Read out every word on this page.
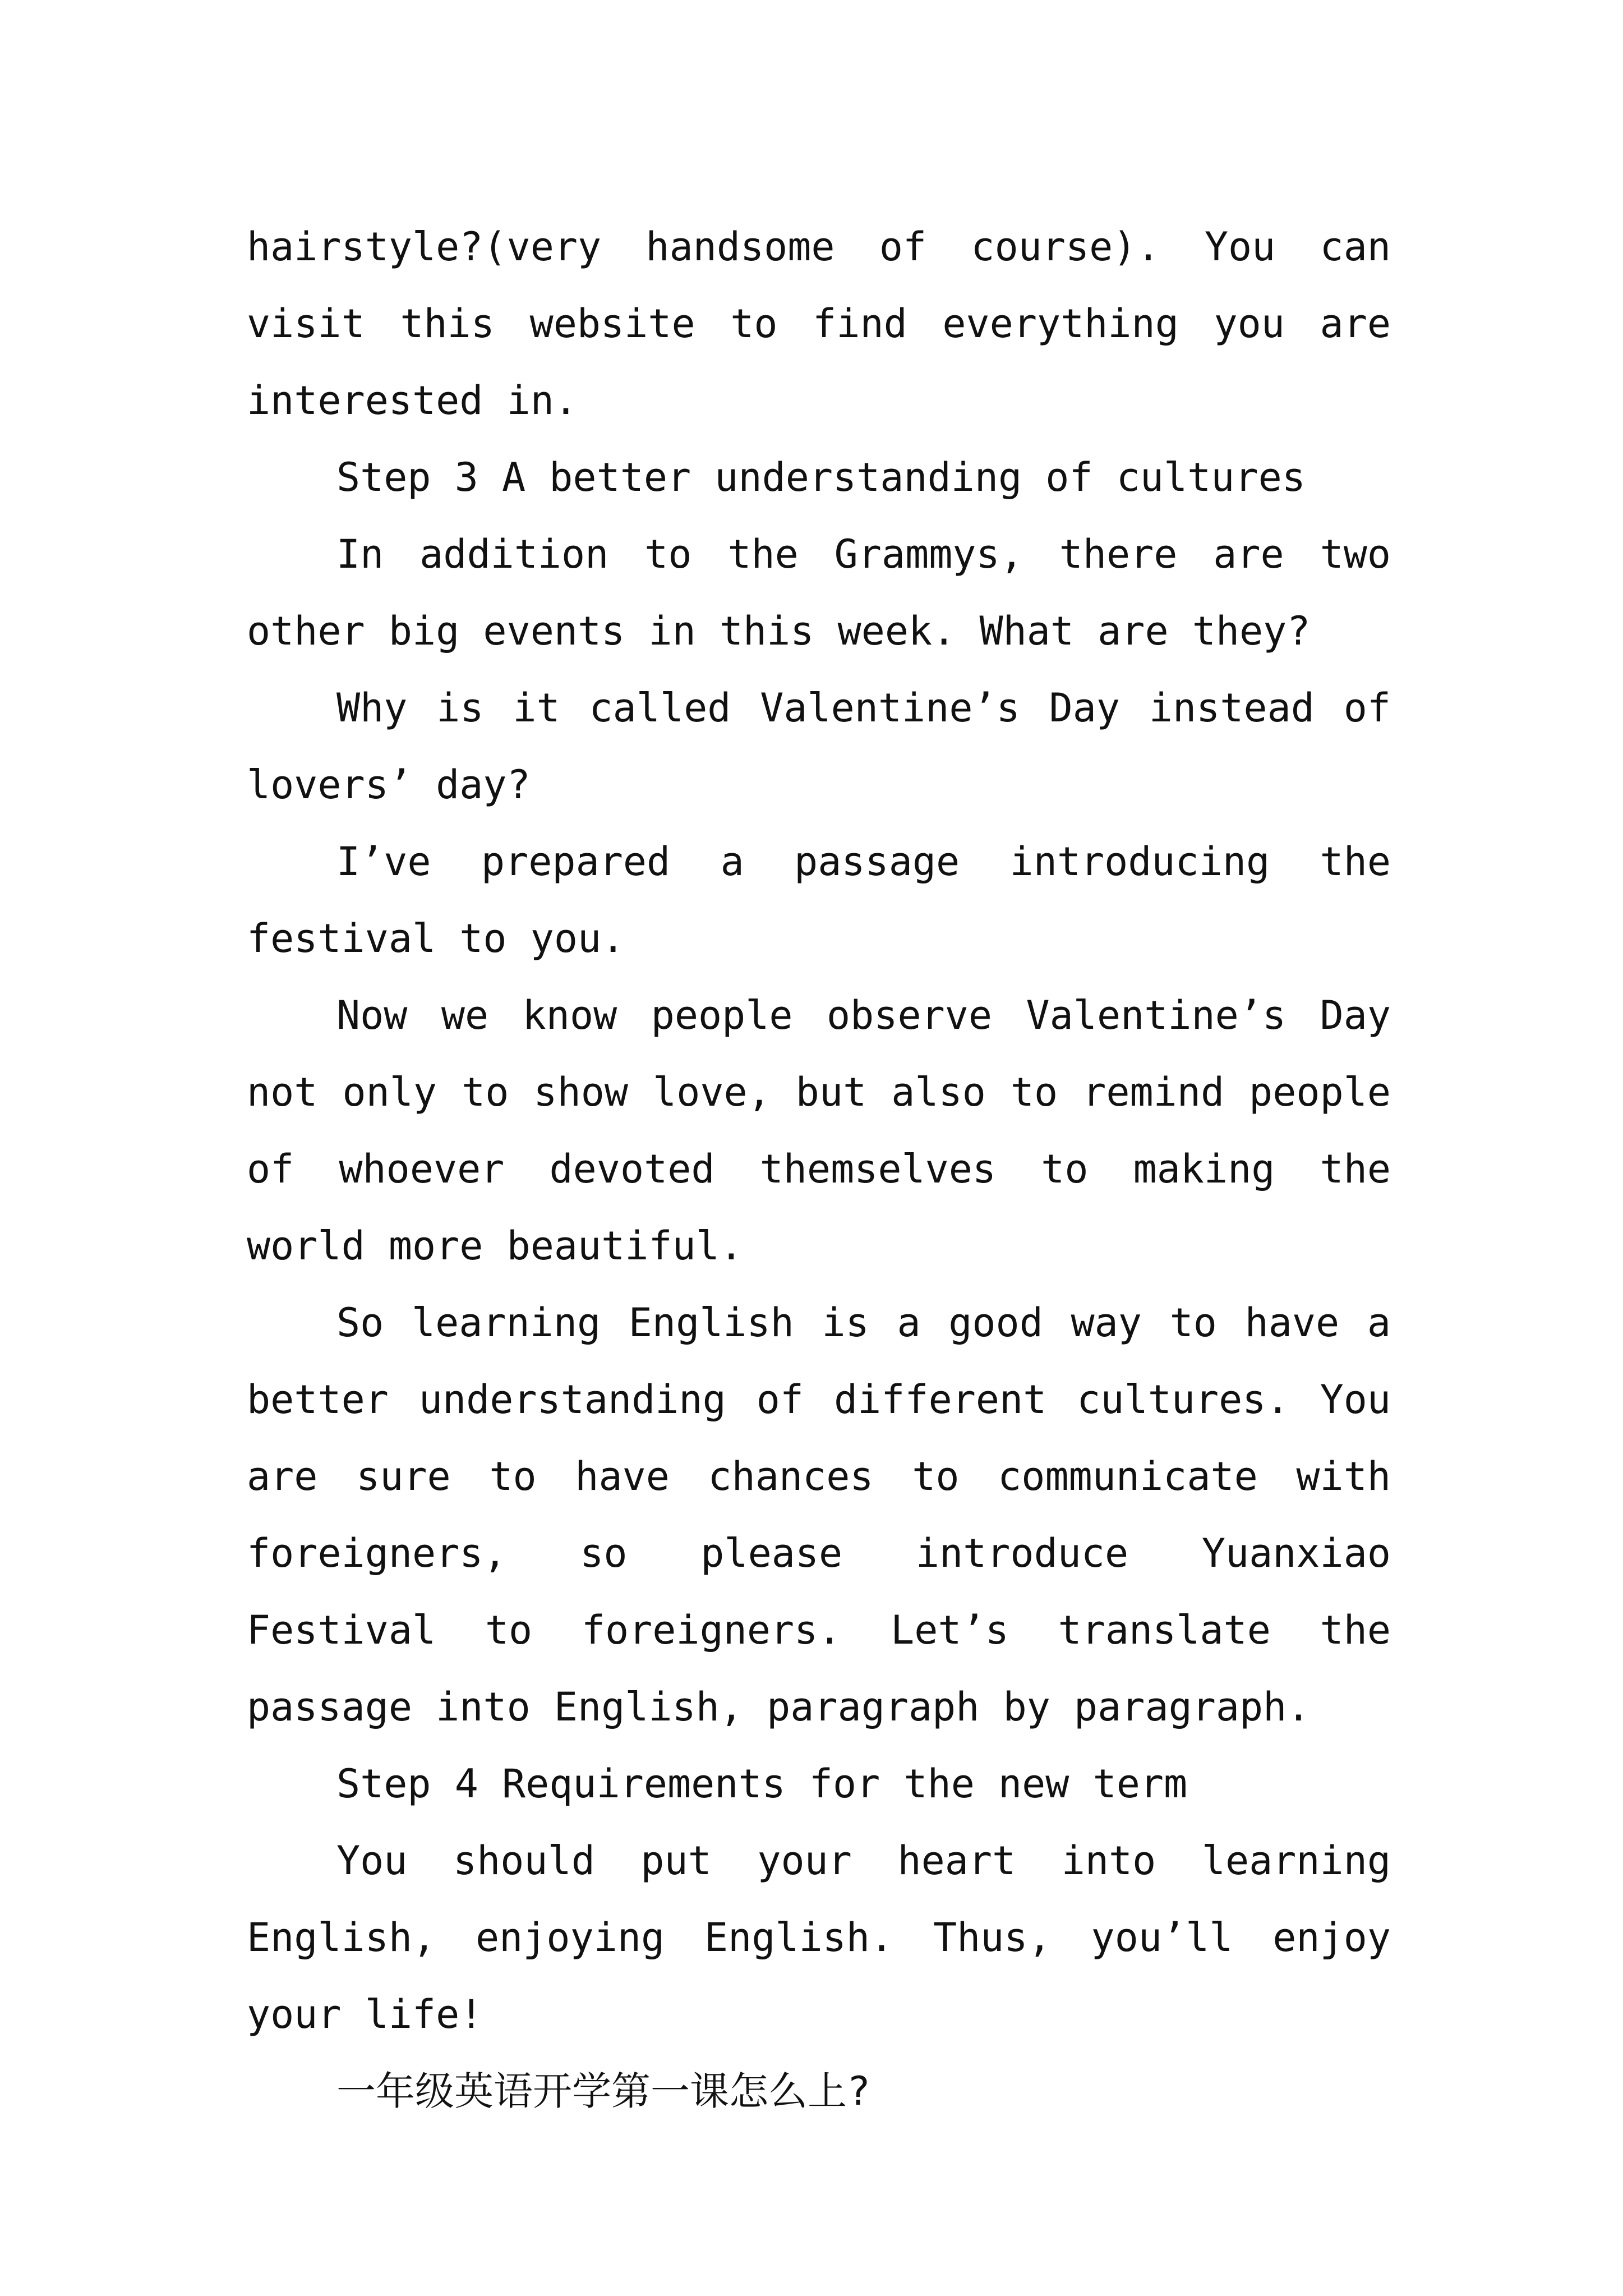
hairstyle?(very handsome of course). You can visit this website to find everything you are interested in.

Step 3 A better understanding of cultures

In addition to the Grammys, there are two other big events in this week. What are they?

Why is it called Valentine’s Day instead of lovers’ day?

I’ve prepared a passage introducing the festival to you.

Now we know people observe Valentine’s Day not only to show love, but also to remind people of whoever devoted themselves to making the world more beautiful.

So learning English is a good way to have a better understanding of different cultures. You are sure to have chances to communicate with foreigners, so please introduce Yuanxiao Festival to foreigners. Let’s translate the passage into English, paragraph by paragraph.

Step 4 Requirements for the new term

You should put your heart into learning English, enjoying English. Thus, you’ll enjoy your life!

一年级英语开学第一课怎么上?
